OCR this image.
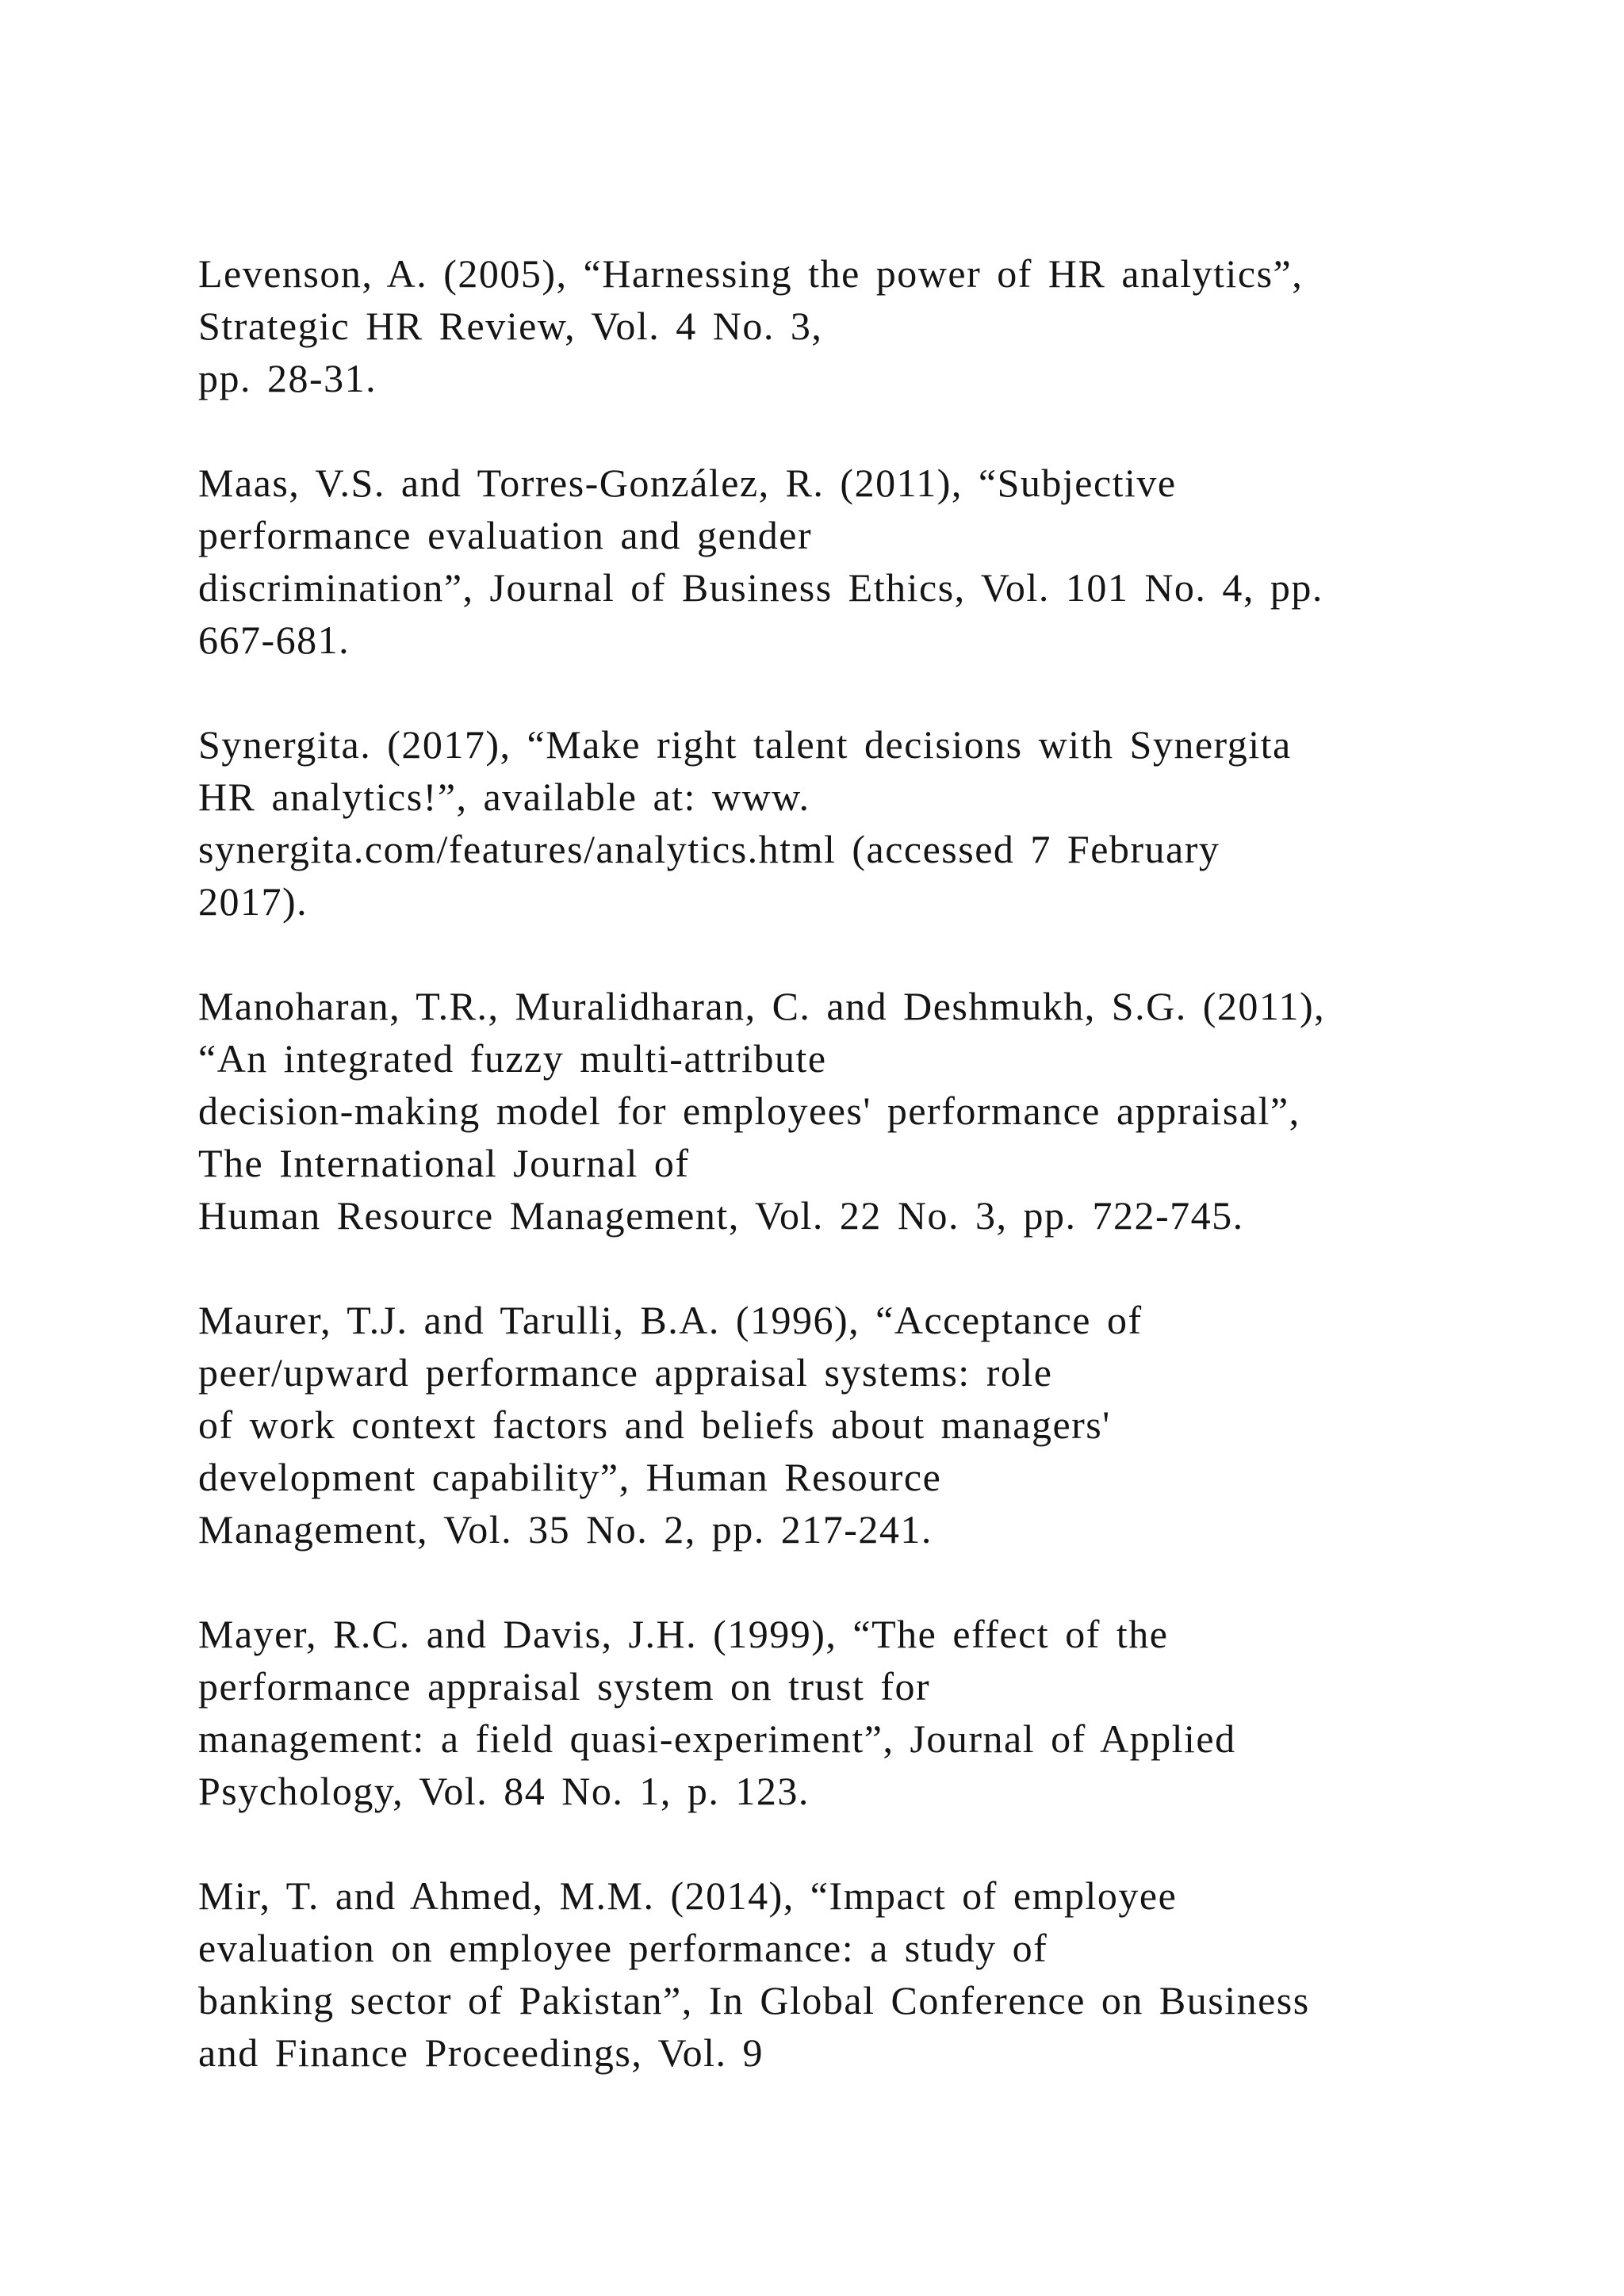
Levenson, A. (2005), “Harnessing the power of HR analytics”,
Strategic HR Review, Vol. 4 No. 3,
pp. 28-31.
Maas, V.S. and Torres-González, R. (2011), “Subjective
performance evaluation and gender
discrimination”, Journal of Business Ethics, Vol. 101 No. 4, pp.
667-681.
Synergita. (2017), “Make right talent decisions with Synergita
HR analytics!”, available at: www.
synergita.com/features/analytics.html (accessed 7 February
2017).
Manoharan, T.R., Muralidharan, C. and Deshmukh, S.G. (2011),
“An integrated fuzzy multi-attribute
decision-making model for employees' performance appraisal”,
The International Journal of
Human Resource Management, Vol. 22 No. 3, pp. 722-745.
Maurer, T.J. and Tarulli, B.A. (1996), “Acceptance of
peer/upward performance appraisal systems: role
of work context factors and beliefs about managers'
development capability”, Human Resource
Management, Vol. 35 No. 2, pp. 217-241.
Mayer, R.C. and Davis, J.H. (1999), “The effect of the
performance appraisal system on trust for
management: a field quasi-experiment”, Journal of Applied
Psychology, Vol. 84 No. 1, p. 123.
Mir, T. and Ahmed, M.M. (2014), “Impact of employee
evaluation on employee performance: a study of
banking sector of Pakistan”, In Global Conference on Business
and Finance Proceedings, Vol. 9
